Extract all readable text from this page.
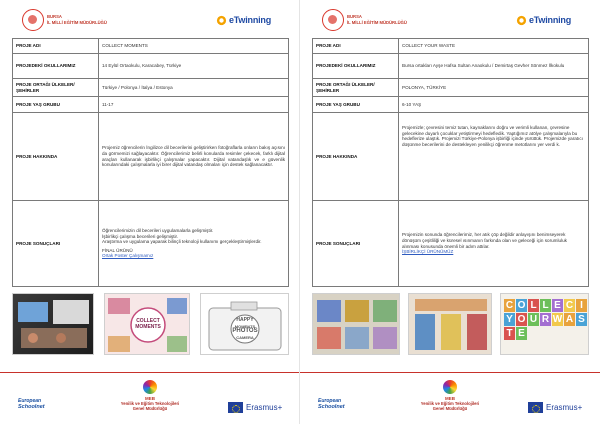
BURSA
İL MİLLİ EĞİTİM MÜDÜRLÜĞÜ	eTwinning
PROJE ADI	COLLECT MOMENTS
PROJEDEKİ OKULLARIMIZ	14 Eylül Ortaokulu, Karacabey, Türkiye
PROJE ORTAĞI ÜLKELER/ŞEHİRLER	Türkiye / Polonya / İtalya / Estonya
PROJE YAŞ GRUBU	11-17
PROJE HAKKINDA	Projemiz öğrencilerin İngilizce dil becerilerini geliştirirken fotoğraflarla onların bakış açısını da görmemizi sağlayacaktır. Öğrencilerimiz belirli konularda resimler çekecek, farklı dijital araçları kullanarak işbirlikçi çalışmalar yapacaktır. Dijital vatandaşlık ve e güvenlik konularındaki çalışmalarla iyi birer dijital vatandaş olmaları için destek sağlanacaktır.
PROJE SONUÇLARI	Öğrencilerimizin dil becerileri uygulamalarla gelişmiştir.
İşbirlikçi çalışma becerileri gelişmiştir.
Araştırma ve uygulama yaparak bilinçli teknoloji kullanımı gerçekleştirmişlerdir.
FİNAL ÜRÜNÜ
Ortak Poster Çalışmamız
COLLECT
MOMENTS
HAPPY
MOMENTS
PHOTOS
CAMERA
European
Schoolnet
MEB
Yenilik ve Eğitim Teknolojileri
Genel Müdürlüğü	Erasmus+
BURSA
İL MİLLİ EĞİTİM MÜDÜRLÜĞÜ	eTwinning
PROJE ADI	COLLECT YOUR WASTE
PROJEDEKİ OKULLARIMIZ	Bursa ortakları Ayşe Hafsa Sultan Anaokulu / Demirtaş Gevher Sönmez İlkokulu
PROJE ORTAĞI ÜLKELER/ŞEHİRLER	POLONYA, TÜRKİYE
PROJE YAŞ GRUBU	6-10 YAŞ
PROJE HAKKINDA	Projemizle; çevresini temiz tutan, kaynaklarını doğru ve verimli kullanan, çevresine gelecekine duyarlı çocuklar yetiştirmeyi hedefledik. Yaptığımız atölye çalışmalarıyla bu hedeflerize ulaştık. Projemizi Türkiye-Polonya işbirliği içinde yürüttük. Projemizde yaratıcı düşünme becerilerini de destekleyen yenilikçi öğrenme metotlarını yer verdi k.
PROJE SONUÇLARI	Projemizin sonunda öğrencilerimiz, her atık çöp değildir anlayışını benimseyerek dönüşüm çeşitliliği ve küresel ısınmanın farkında olan ve geleceği için sorumluluk alınması konusunda önemli bir adım attılar.
İŞBİRLİKÇİ ÜRÜNÜMÜZ
C O L L E C I
Y O U R W A S
T E
European
Schoolnet
MEB
Yenilik ve Eğitim Teknolojileri
Genel Müdürlüğü	Erasmus+
